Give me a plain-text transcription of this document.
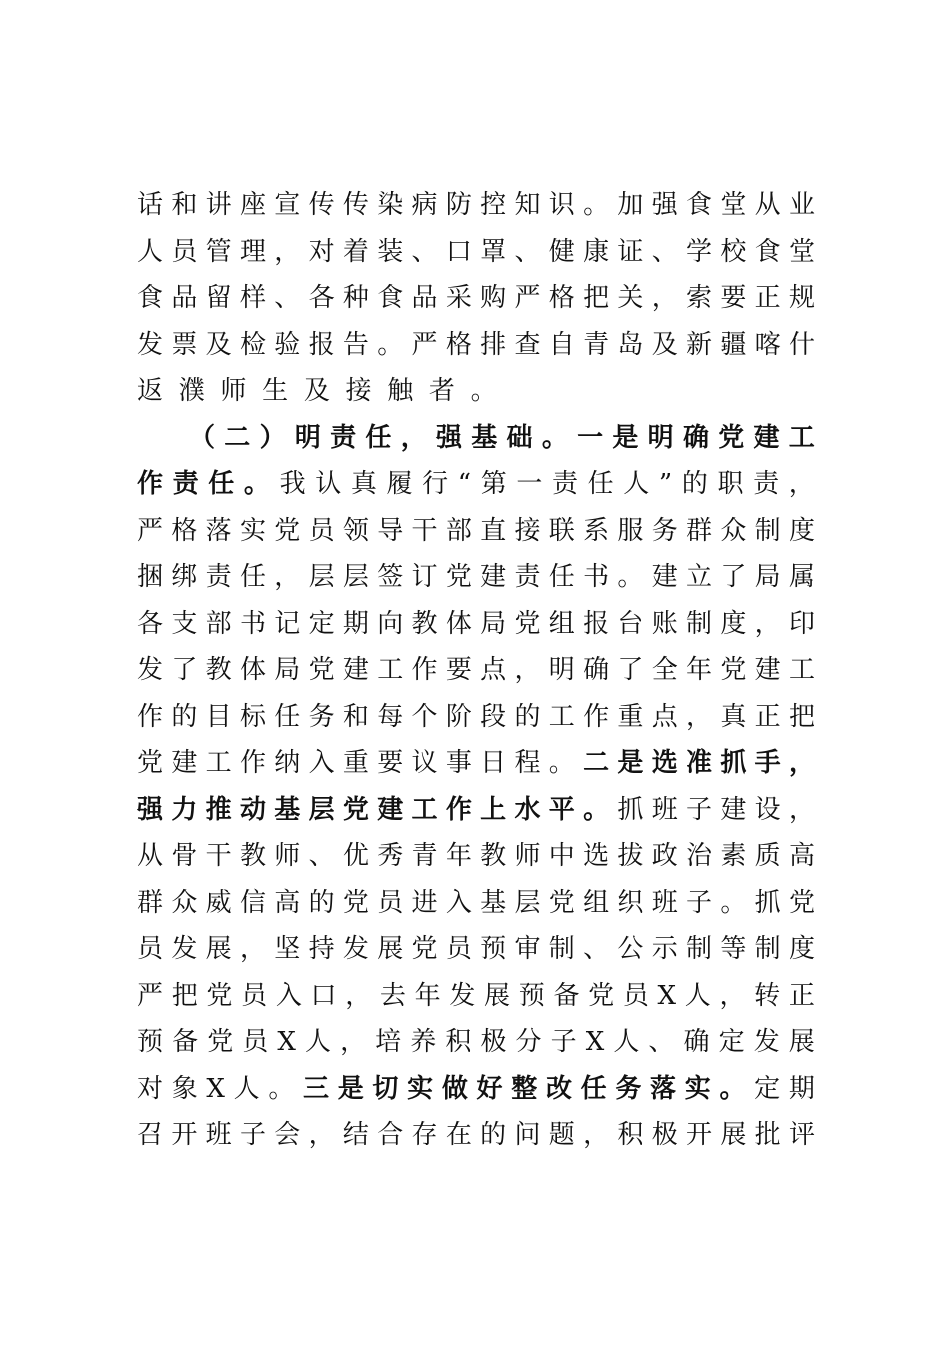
话 和 讲 座 宣 传 传 染 病 防 控 知 识 。 加 强 食 堂 从 业
人 员 管 理 ， 对 着 装 、 口 罩 、 健 康 证 、 学 校 食 堂
食 品 留 样 、 各 种 食 品 采 购 严 格 把 关 ， 索 要 正 规
发 票 及 检 验 报 告 。 严 格 排 查 自 青 岛 及 新 疆 喀 什
返 濮 师 生 及 接 触 者 。
（ 二 ） 明 责 任 ， 强 基 础 。 一 是 明 确 党 建 工
作 责 任 。 我 认 真 履 行 “ 第 一 责 任 人 ” 的 职 责 ，
严 格 落 实 党 员 领 导 干 部 直 接 联 系 服 务 群 众 制 度
捆 绑 责 任 ， 层 层 签 订 党 建 责 任 书 。 建 立 了 局 属
各 支 部 书 记 定 期 向 教 体 局 党 组 报 台 账 制 度 ， 印
发 了 教 体 局 党 建 工 作 要 点 ， 明 确 了 全 年 党 建 工
作 的 目 标 任 务 和 每 个 阶 段 的 工 作 重 点 ， 真 正 把
党 建 工 作 纳 入 重 要 议 事 日 程 。 二 是 选 准 抓 手 ，
强 力 推 动 基 层 党 建 工 作 上 水 平 。 抓 班 子 建 设 ，
从 骨 干 教 师 、 优 秀 青 年 教 师 中 选 拔 政 治 素 质 高
群 众 威 信 高 的 党 员 进 入 基 层 党 组 织 班 子 。 抓 党
员 发 展 ， 坚 持 发 展 党 员 预 审 制 、 公 示 制 等 制 度
严 把 党 员 入 口 ， 去 年 发 展 预 备 党 员 X 人 ， 转 正
预 备 党 员 X 人 ， 培 养 积 极 分 子 X 人 、 确 定 发 展
对 象 X 人 。 三 是 切 实 做 好 整 改 任 务 落 实 。 定 期
召 开 班 子 会 ， 结 合 存 在 的 问 题 ， 积 极 开 展 批 评
